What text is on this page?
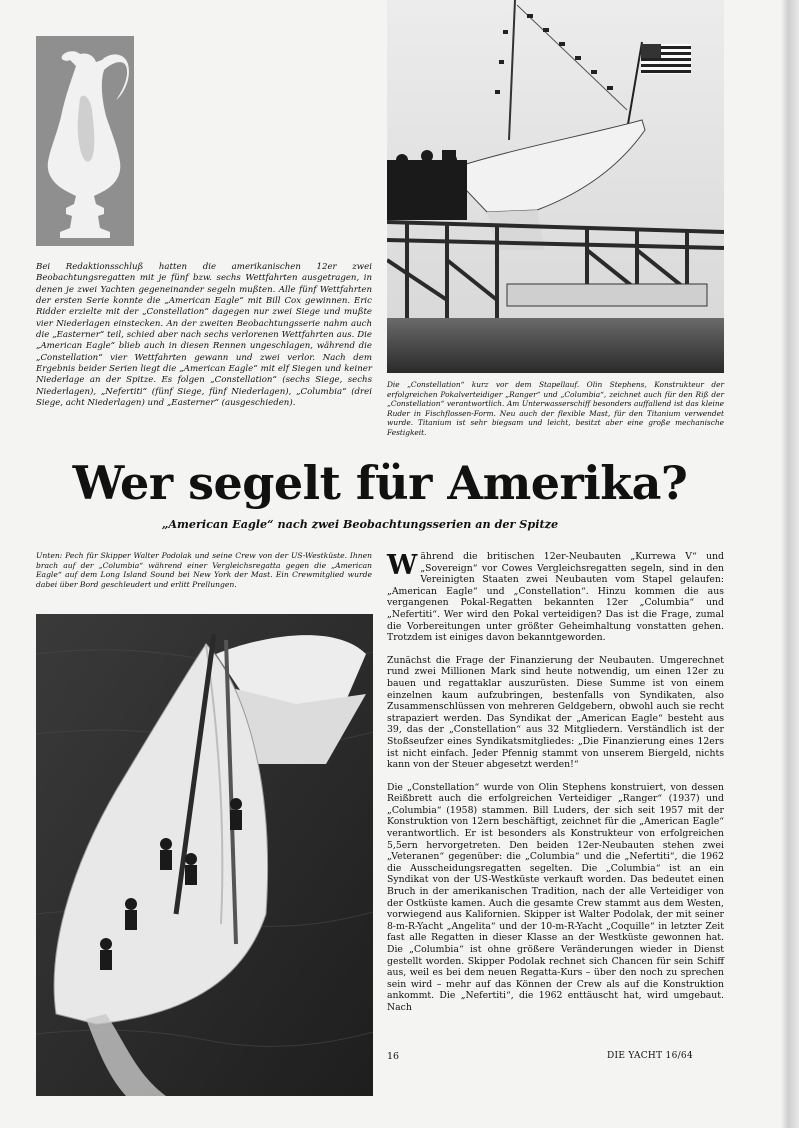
Bei Redaktionsschluß hatten die amerikanischen 12er zwei Beobachtungsregatten mit je fünf bzw. sechs Wettfahrten ausgetragen, in denen je zwei Yachten gegeneinander segeln mußten. Alle fünf Wettfahrten der ersten Serie konnte die „American Eagle“ mit Bill Cox gewinnen. Eric Ridder erzielte mit der „Constellation“ dagegen nur zwei Siege und mußte vier Niederlagen einstecken. An der zweiten Beobachtungsserie nahm auch die „Easterner“ teil, schied aber nach sechs verlorenen Wettfahrten aus. Die „American Eagle“ blieb auch in diesen Rennen ungeschlagen, während die „Constellation“ vier Wettfahrten gewann und zwei verlor. Nach dem Ergebnis beider Serien liegt die „American Eagle“ mit elf Siegen und keiner Niederlage an der Spitze. Es folgen „Constellation“ (sechs Siege, sechs Niederlagen), „Nefertiti“ (fünf Siege, fünf Niederlagen), „Columbia“ (drei Siege, acht Niederlagen) und „Easterner“ (ausgeschieden).

Die „Constellation“ kurz vor dem Stapellauf. Olin Stephens, Konstrukteur der erfolgreichen Pokalverteidiger „Ranger“ und „Columbia“, zeichnet auch für den Riß der „Constellation“ verantwortlich. Am Unterwasserschiff besonders auffallend ist das kleine Ruder in Fischflossen-Form. Neu auch der flexible Mast, für den Titanium verwendet wurde. Titanium ist sehr biegsam und leicht, besitzt aber eine große mechanische Festigkeit.

Wer segelt für Amerika?

„American Eagle“ nach zwei Beobachtungsserien an der Spitze

Unten: Pech für Skipper Walter Podolak und seine Crew von der US-Westküste. Ihnen brach auf der „Columbia“ während einer Vergleichsregatta gegen die „American Eagle“ auf dem Long Island Sound bei New York der Mast. Ein Crewmitglied wurde dabei über Bord geschleudert und erlitt Prellungen.

Während die britischen 12er-Neubauten „Kurrewa V“ und „Sovereign“ vor Cowes Vergleichsregatten segeln, sind in den Vereinigten Staaten zwei Neubauten vom Stapel gelaufen: „American Eagle“ und „Constellation“. Hinzu kommen die aus vergangenen Pokal-Regatten bekannten 12er „Columbia“ und „Nefertiti“. Wer wird den Pokal verteidigen? Das ist die Frage, zumal die Vorbereitungen unter größter Geheimhaltung vonstatten gehen. Trotzdem ist einiges davon bekanntgeworden.

Zunächst die Frage der Finanzierung der Neubauten. Umgerechnet rund zwei Millionen Mark sind heute notwendig, um einen 12er zu bauen und regattaklar auszurüsten. Diese Summe ist von einem einzelnen kaum aufzubringen, bestenfalls von Syndikaten, also Zusammenschlüssen von mehreren Geldgebern, obwohl auch sie recht strapaziert werden. Das Syndikat der „American Eagle“ besteht aus 39, das der „Constellation“ aus 32 Mitgliedern. Verständlich ist der Stoßseufzer eines Syndikatsmitgliedes: „Die Finanzierung eines 12ers ist nicht einfach. Jeder Pfennig stammt von unserem Biergeld, nichts kann von der Steuer abgesetzt werden!“

Die „Constellation“ wurde von Olin Stephens konstruiert, von dessen Reißbrett auch die erfolgreichen Verteidiger „Ranger“ (1937) und „Columbia“ (1958) stammen. Bill Luders, der sich seit 1957 mit der Konstruktion von 12ern beschäftigt, zeichnet für die „American Eagle“ verantwortlich. Er ist besonders als Konstrukteur von erfolgreichen 5,5ern hervorgetreten. Den beiden 12er-Neubauten stehen zwei „Veteranen“ gegenüber: die „Columbia“ und die „Nefertiti“, die 1962 die Ausscheidungsregatten segelten. Die „Columbia“ ist an ein Syndikat von der US-Westküste verkauft worden. Das bedeutet einen Bruch in der amerikanischen Tradition, nach der alle Verteidiger von der Ostküste kamen. Auch die gesamte Crew stammt aus dem Westen, vorwiegend aus Kalifornien. Skipper ist Walter Podolak, der mit seiner 8-m-R-Yacht „Angelita“ und der 10-m-R-Yacht „Coquille“ in letzter Zeit fast alle Regatten in dieser Klasse an der Westküste gewonnen hat. Die „Columbia“ ist ohne größere Veränderungen wieder in Dienst gestellt worden. Skipper Podolak rechnet sich Chancen für sein Schiff aus, weil es bei dem neuen Regatta-Kurs – über den noch zu sprechen sein wird – mehr auf das Können der Crew als auf die Konstruktion ankommt. Die „Nefertiti“, die 1962 enttäuscht hat, wird umgebaut. Nach

16	DIE YACHT 16/64
